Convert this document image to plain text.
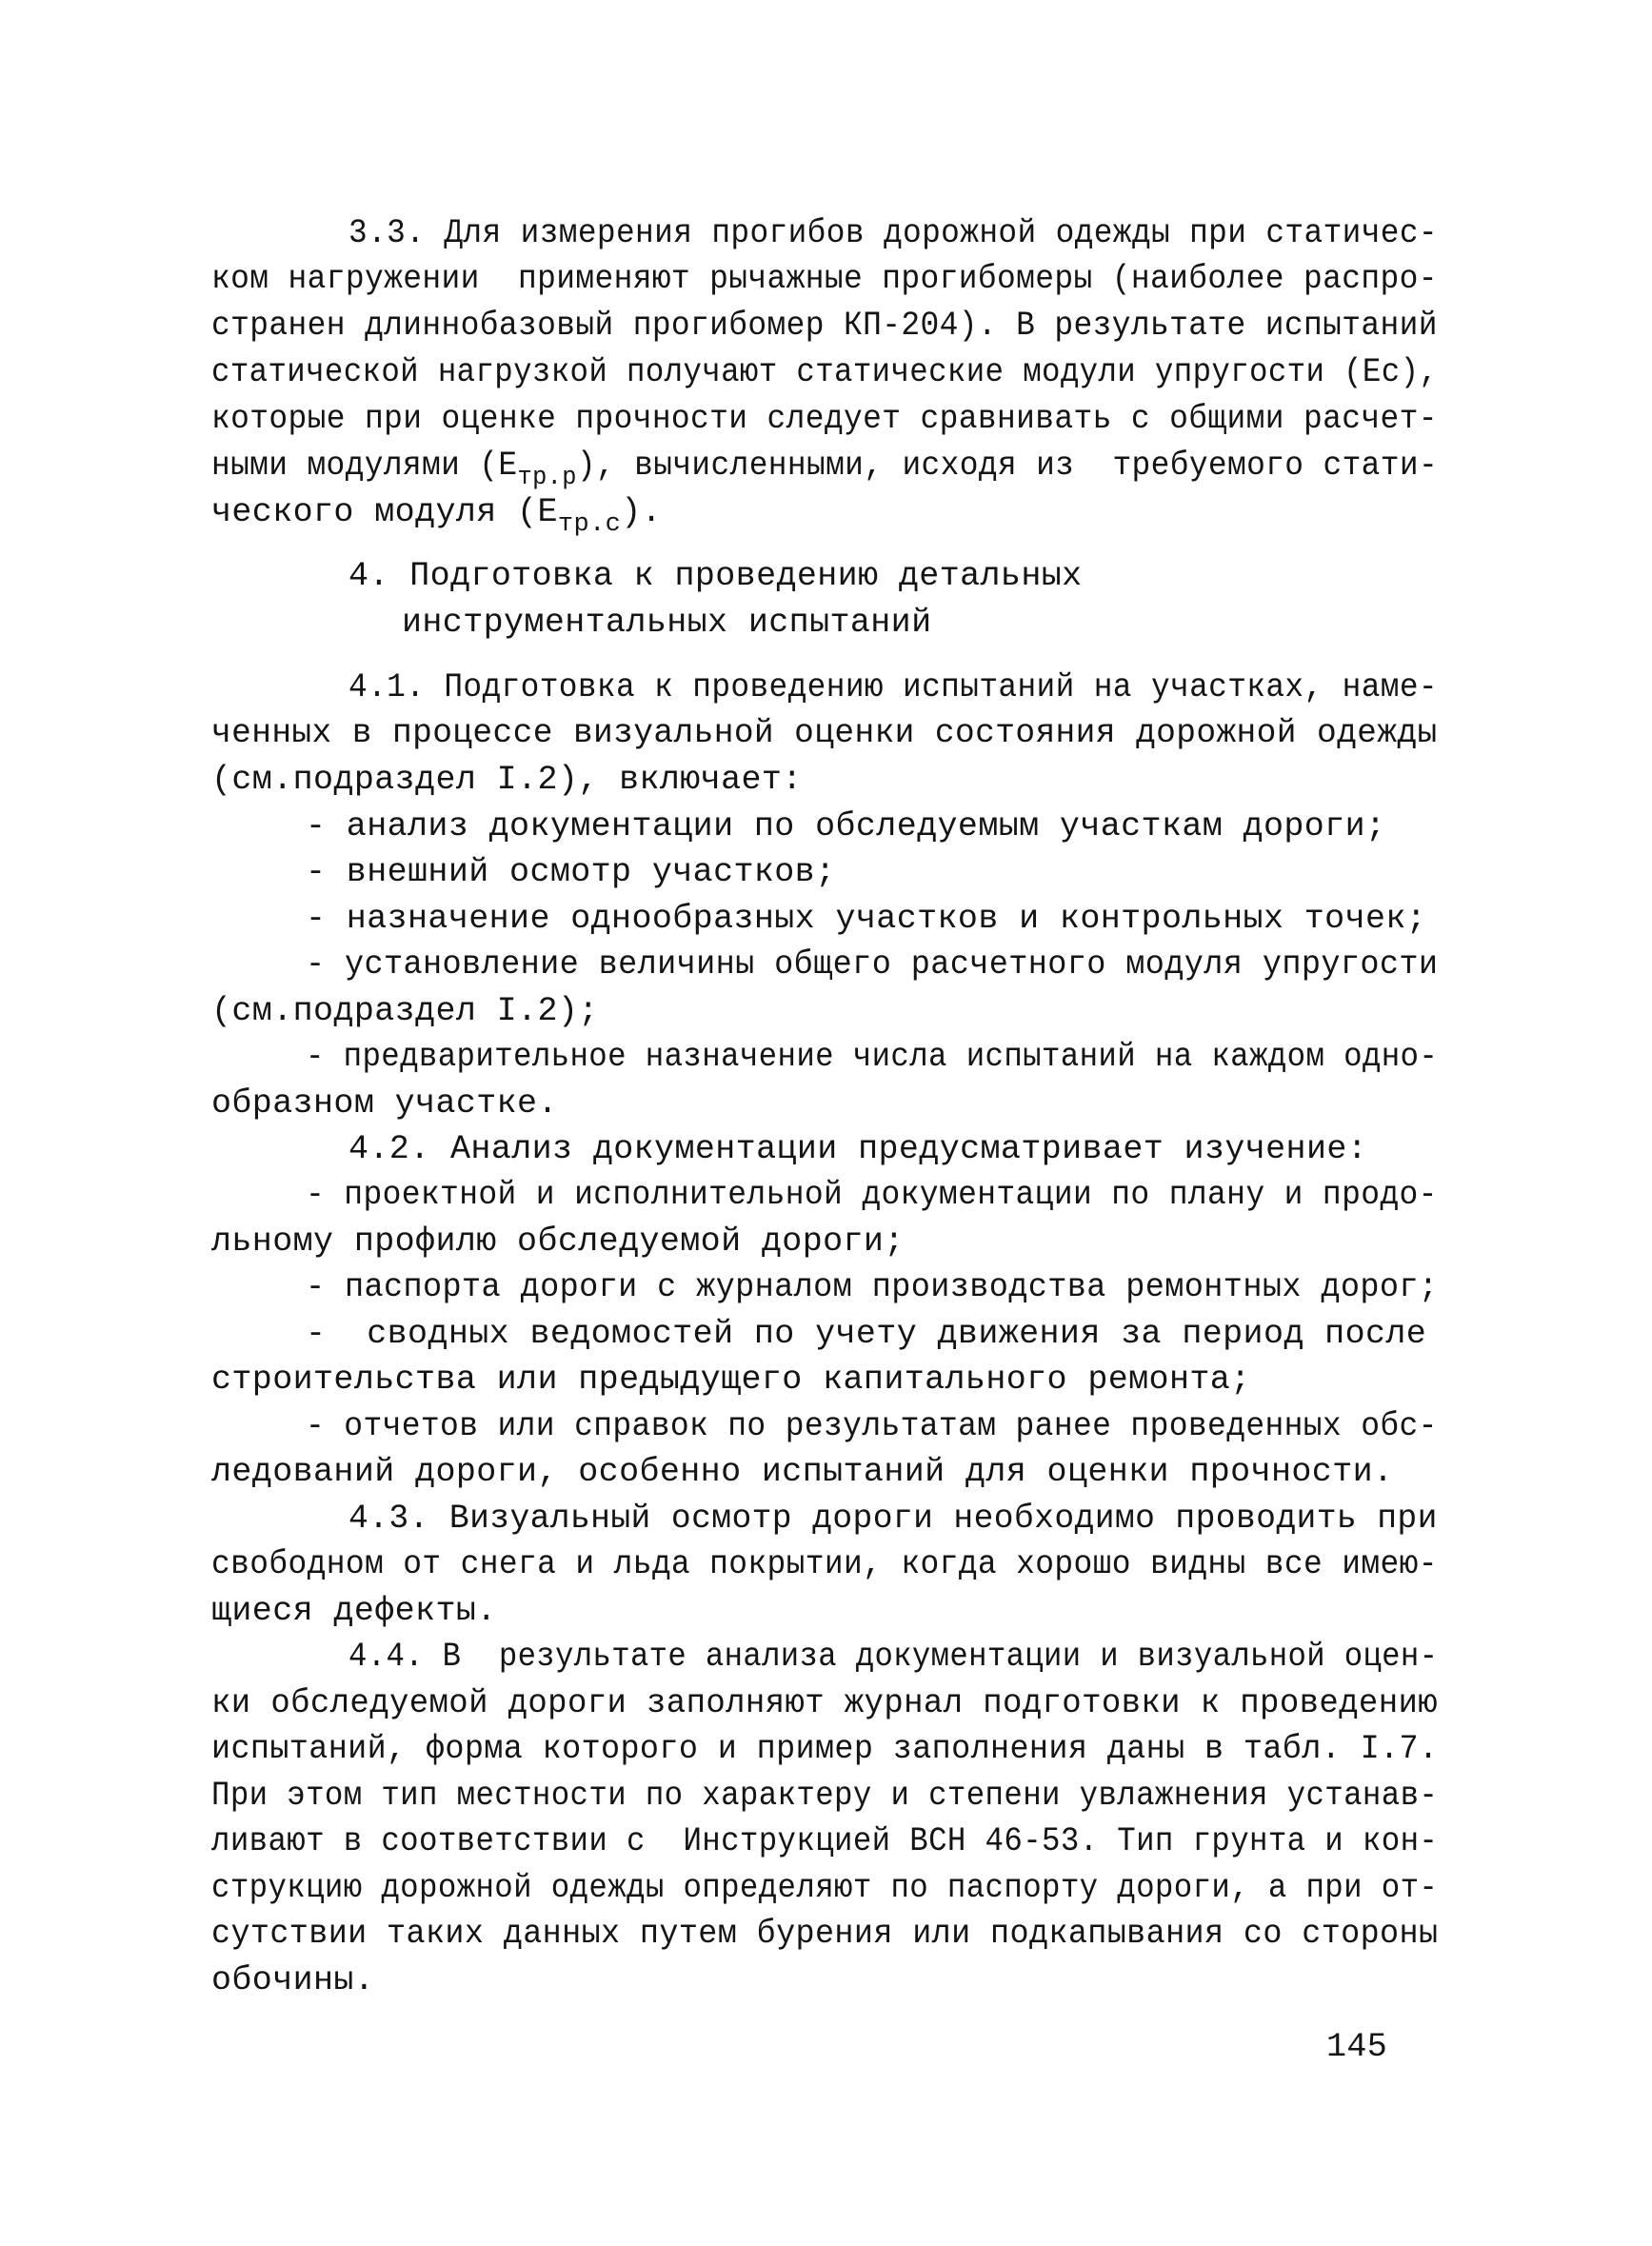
3.3. Для измерения прогибов дорожной одежды при статичес-
ком нагружении  применяют рычажные прогибомеры (наиболее распро-
странен длиннобазовый прогибомер КП-204). В результате испытаний
статической нагрузкой получают статические модули упругости (Ес),
которые при оценке прочности следует сравнивать с общими расчет-
ными модулями $(Е_{тр.р})$, вычисленными, исходя из  требуемого стати-
ческого модуля $(Е_{тр.с})$.
4. Подготовка к проведению детальных
инструментальных испытаний
4.1. Подготовка к проведению испытаний на участках, наме-
ченных в процессе визуальной оценки состояния дорожной одежды
(см.подраздел I.2), включает:
- анализ документации по обследуемым участкам дороги;
- внешний осмотр участков;
- назначение однообразных участков и контрольных точек;
- установление величины общего расчетного модуля упругости
(см.подраздел I.2);
- предварительное назначение числа испытаний на каждом одно-
образном участке.
4.2. Анализ документации предусматривает изучение:
- проектной и исполнительной документации по плану и продо-
льному профилю обследуемой дороги;
- паспорта дороги с журналом производства ремонтных дорог;
-  сводных ведомостей по учету движения за период после
строительства или предыдущего капитального ремонта;
- отчетов или справок по результатам ранее проведенных обс-
ледований дороги, особенно испытаний для оценки прочности.
4.3. Визуальный осмотр дороги необходимо проводить при
свободном от снега и льда покрытии, когда хорошо видны все имею-
щиеся дефекты.
4.4. В  результате анализа документации и визуальной оцен-
ки обследуемой дороги заполняют журнал подготовки к проведению
испытаний, форма которого и пример заполнения даны в табл. I.7.
При этом тип местности по характеру и степени увлажнения устанав-
ливают в соответствии с  Инструкцией ВСН 46-53. Тип грунта и кон-
струкцию дорожной одежды определяют по паспорту дороги, а при от-
сутствии таких данных путем бурения или подкапывания со стороны
обочины.
145
